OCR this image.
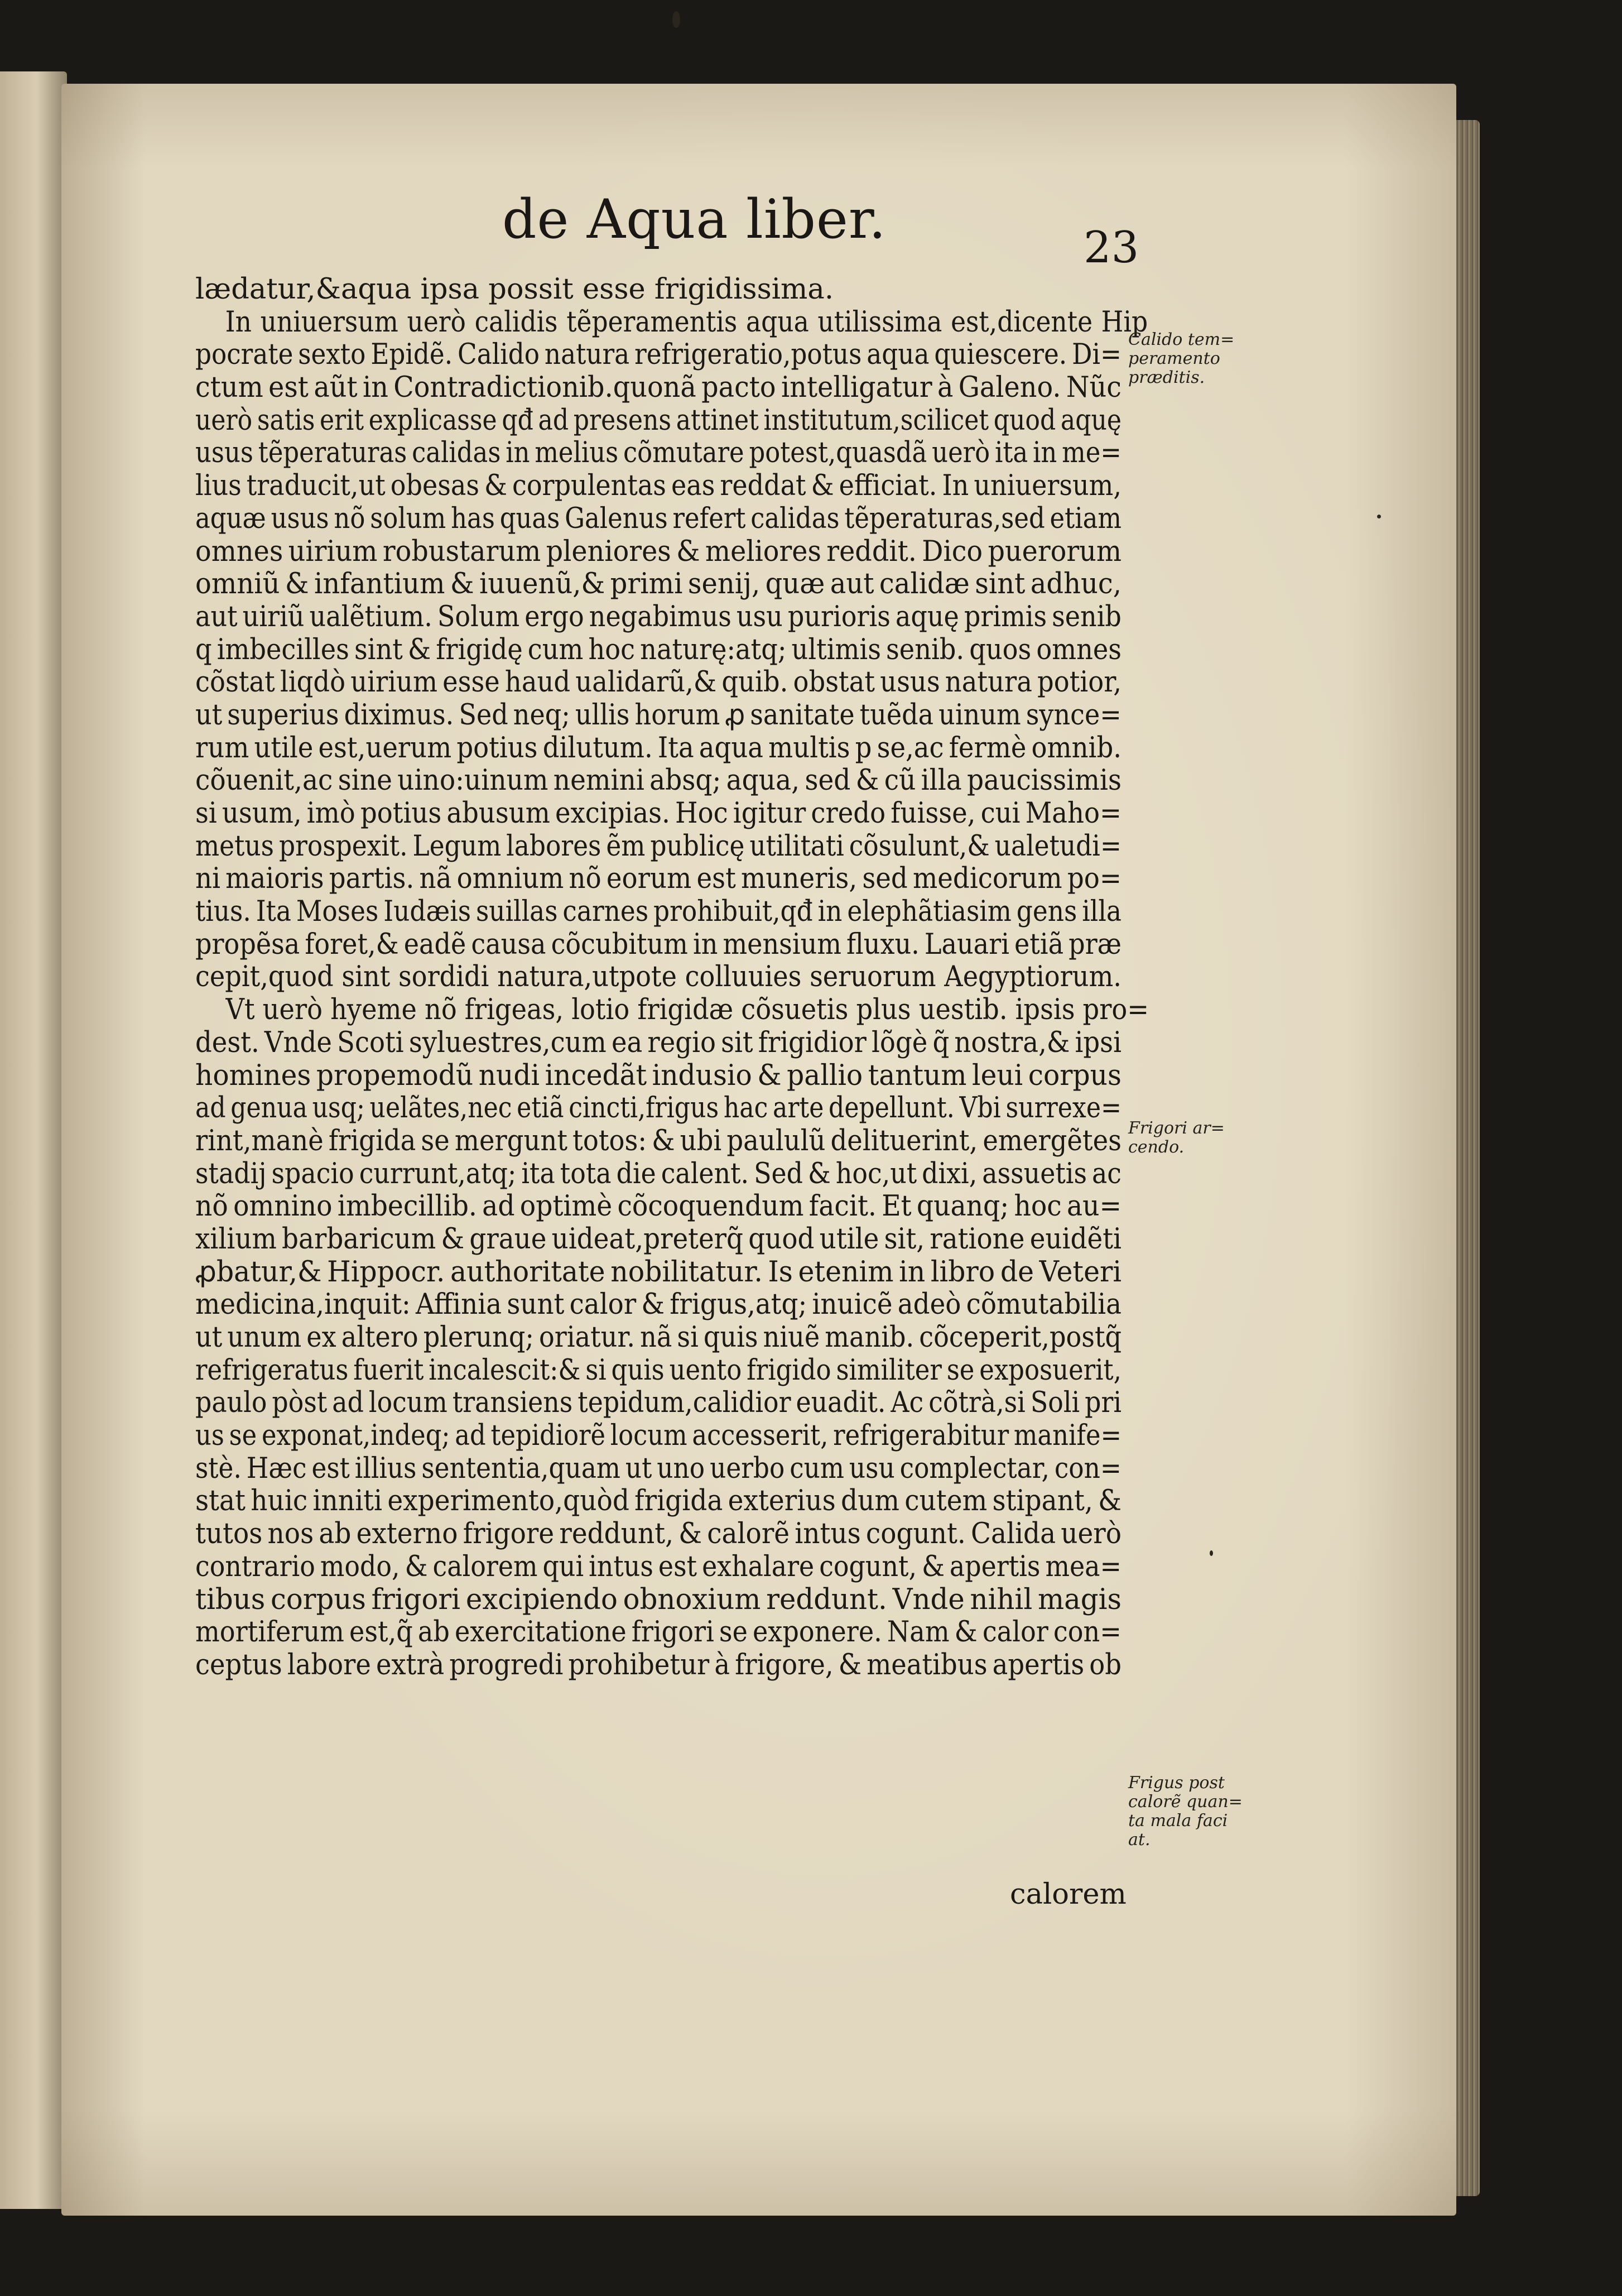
de Aqua liber.	23
lædatur,&aqua ipsa possit esse frigidissima.
In uniuersum uerò calidis tẽperamentis aqua utilissima est,dicente Hip
pocrate sexto Epidẽ. Calido natura refrigeratio,potus aqua quiescere. Di=
ctum est aũt in Contradictionib.quonã pacto intelligatur à Galeno. Nũc
uerò satis erit explicasse qđ ad presens attinet institutum,scilicet quod aquę
usus tẽperaturas calidas in melius cõmutare potest,quasdã uerò ita in me=
lius traducit,ut obesas & corpulentas eas reddat & efficiat. In uniuersum,
aquæ usus nõ solum has quas Galenus refert calidas tẽperaturas,sed etiam
omnes uirium robustarum pleniores & meliores reddit. Dico puerorum
omniũ & infantium & iuuenũ,& primi senij, quæ aut calidæ sint adhuc,
aut uiriũ ualẽtium. Solum ergo negabimus usu purioris aquę primis senib
q imbecilles sint & frigidę cum hoc naturę:atq; ultimis senib. quos omnes
cõstat liqdò uirium esse haud ualidarũ,& quib. obstat usus natura potior,
ut superius diximus. Sed neq; ullis horum ꝓ sanitate tuẽda uinum synce=
rum utile est,uerum potius dilutum. Ita aqua multis p se,ac fermè omnib.
cõuenit,ac sine uino:uinum nemini absq; aqua, sed & cũ illa paucissimis
si usum, imò potius abusum excipias. Hoc igitur credo fuisse, cui Maho=
metus prospexit. Legum labores ẽm publicę utilitati cõsulunt,& ualetudi=
ni maioris partis. nã omnium nõ eorum est muneris, sed medicorum po=
tius. Ita Moses Iudæis suillas carnes prohibuit,qđ in elephãtiasim gens illa
propẽsa foret,& eadẽ causa cõcubitum in mensium fluxu. Lauari etiã præ
cepit,quod sint sordidi natura,utpote colluuies seruorum Aegyptiorum.
Vt uerò hyeme nõ frigeas, lotio frigidæ cõsuetis plus uestib. ipsis pro=
dest. Vnde Scoti syluestres,cum ea regio sit frigidior lõgè q̃ nostra,& ipsi
homines propemodũ nudi incedãt indusio & pallio tantum leui corpus
ad genua usq; uelãtes,nec etiã cincti,frigus hac arte depellunt. Vbi surrexe=
rint,manè frigida se mergunt totos: & ubi paululũ delituerint, emergẽtes
stadij spacio currunt,atq; ita tota die calent. Sed & hoc,ut dixi, assuetis ac
nõ omnino imbecillib. ad optimè cõcoquendum facit. Et quanq; hoc au=
xilium barbaricum & graue uideat,preterq̃ quod utile sit, ratione euidẽti
ꝓbatur,& Hippocr. authoritate nobilitatur. Is etenim in libro de Veteri
medicina,inquit: Affinia sunt calor & frigus,atq; inuicẽ adeò cõmutabilia
ut unum ex altero plerunq; oriatur. nã si quis niuẽ manib. cõceperit,postq̃
refrigeratus fuerit incalescit:& si quis uento frigido similiter se exposuerit,
paulo pòst ad locum transiens tepidum,calidior euadit. Ac cõtrà,si Soli pri
us se exponat,indeq; ad tepidiorẽ locum accesserit, refrigerabitur manife=
stè. Hæc est illius sententia,quam ut uno uerbo cum usu complectar, con=
stat huic inniti experimento,quòd frigida exterius dum cutem stipant, &
tutos nos ab externo frigore reddunt, & calorẽ intus cogunt. Calida uerò
contrario modo, & calorem qui intus est exhalare cogunt, & apertis mea=
tibus corpus frigori excipiendo obnoxium reddunt. Vnde nihil magis
mortiferum est,q̃ ab exercitatione frigori se exponere. Nam & calor con=
ceptus labore extrà progredi prohibetur à frigore, & meatibus apertis ob
calorem
Calido tem=
peramento
præditis.
Frigori ar=
cendo.
Frigus post
calorẽ quan=
ta mala faci
at.
